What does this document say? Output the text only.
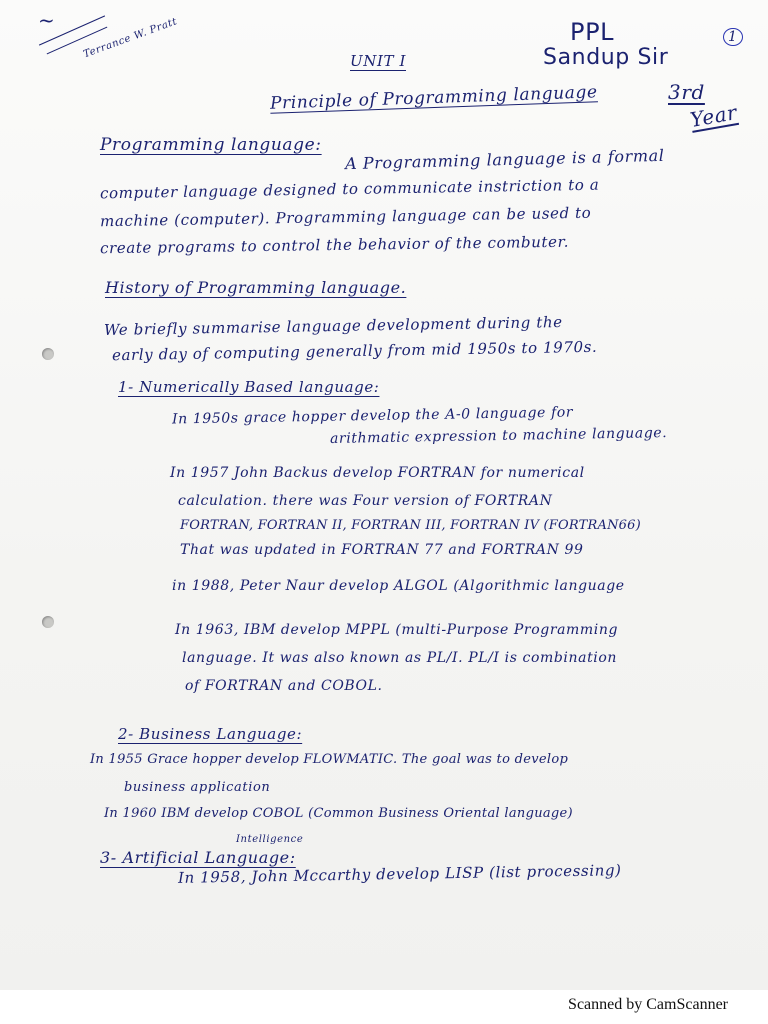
~	Terrance W. Pratt
UNIT I
Principle of Programming language
PPL
Sandup Sir
1
3rd
Year
Programming language:
A Programming language is a formal
computer language designed to communicate instriction to a
machine (computer). Programming language can be used to
create programs to control the behavior of the combuter.
History of Programming language.
We briefly summarise language development during the
early day of computing generally from mid 1950s to 1970s.
1- Numerically Based language:
In 1950s grace hopper develop the A-0 language for
arithmatic expression to machine language.
In 1957 John Backus develop FORTRAN for numerical
calculation. there was Four version of FORTRAN
FORTRAN, FORTRAN II, FORTRAN III, FORTRAN IV (FORTRAN66)
That was updated in FORTRAN 77 and FORTRAN 99
in 1988, Peter Naur develop ALGOL (Algorithmic language
In 1963, IBM develop MPPL (multi-Purpose Programming
language. It was also known as PL/I. PL/I is combination
of FORTRAN and COBOL.
2- Business Language:
In 1955 Grace hopper develop FLOWMATIC. The goal was to develop
business application
In 1960 IBM develop COBOL (Common Business Oriental language)
Intelligence
3- Artificial Language:
In 1958, John Mccarthy develop LISP (list processing)
Scanned by CamScanner
